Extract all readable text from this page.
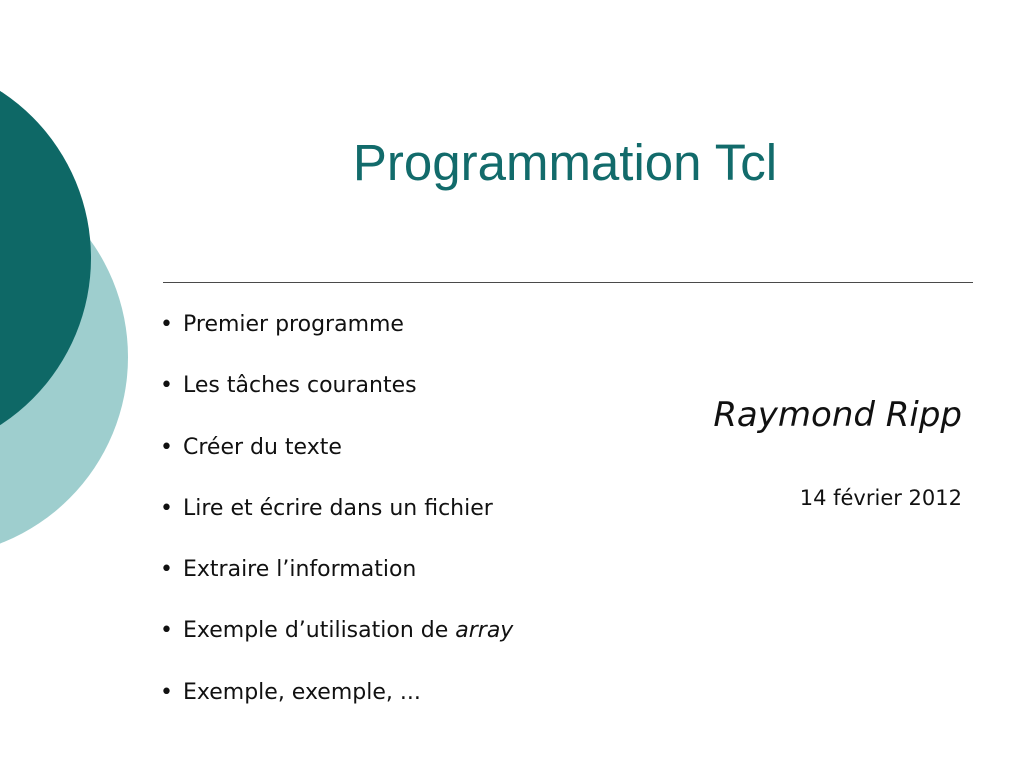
Programmation Tcl
• Premier programme
• Les tâches courantes
• Créer du texte
• Lire et écrire dans un fichier
• Extraire l’information
• Exemple d’utilisation de array
• Exemple, exemple, ...
Raymond Ripp
14 février 2012
